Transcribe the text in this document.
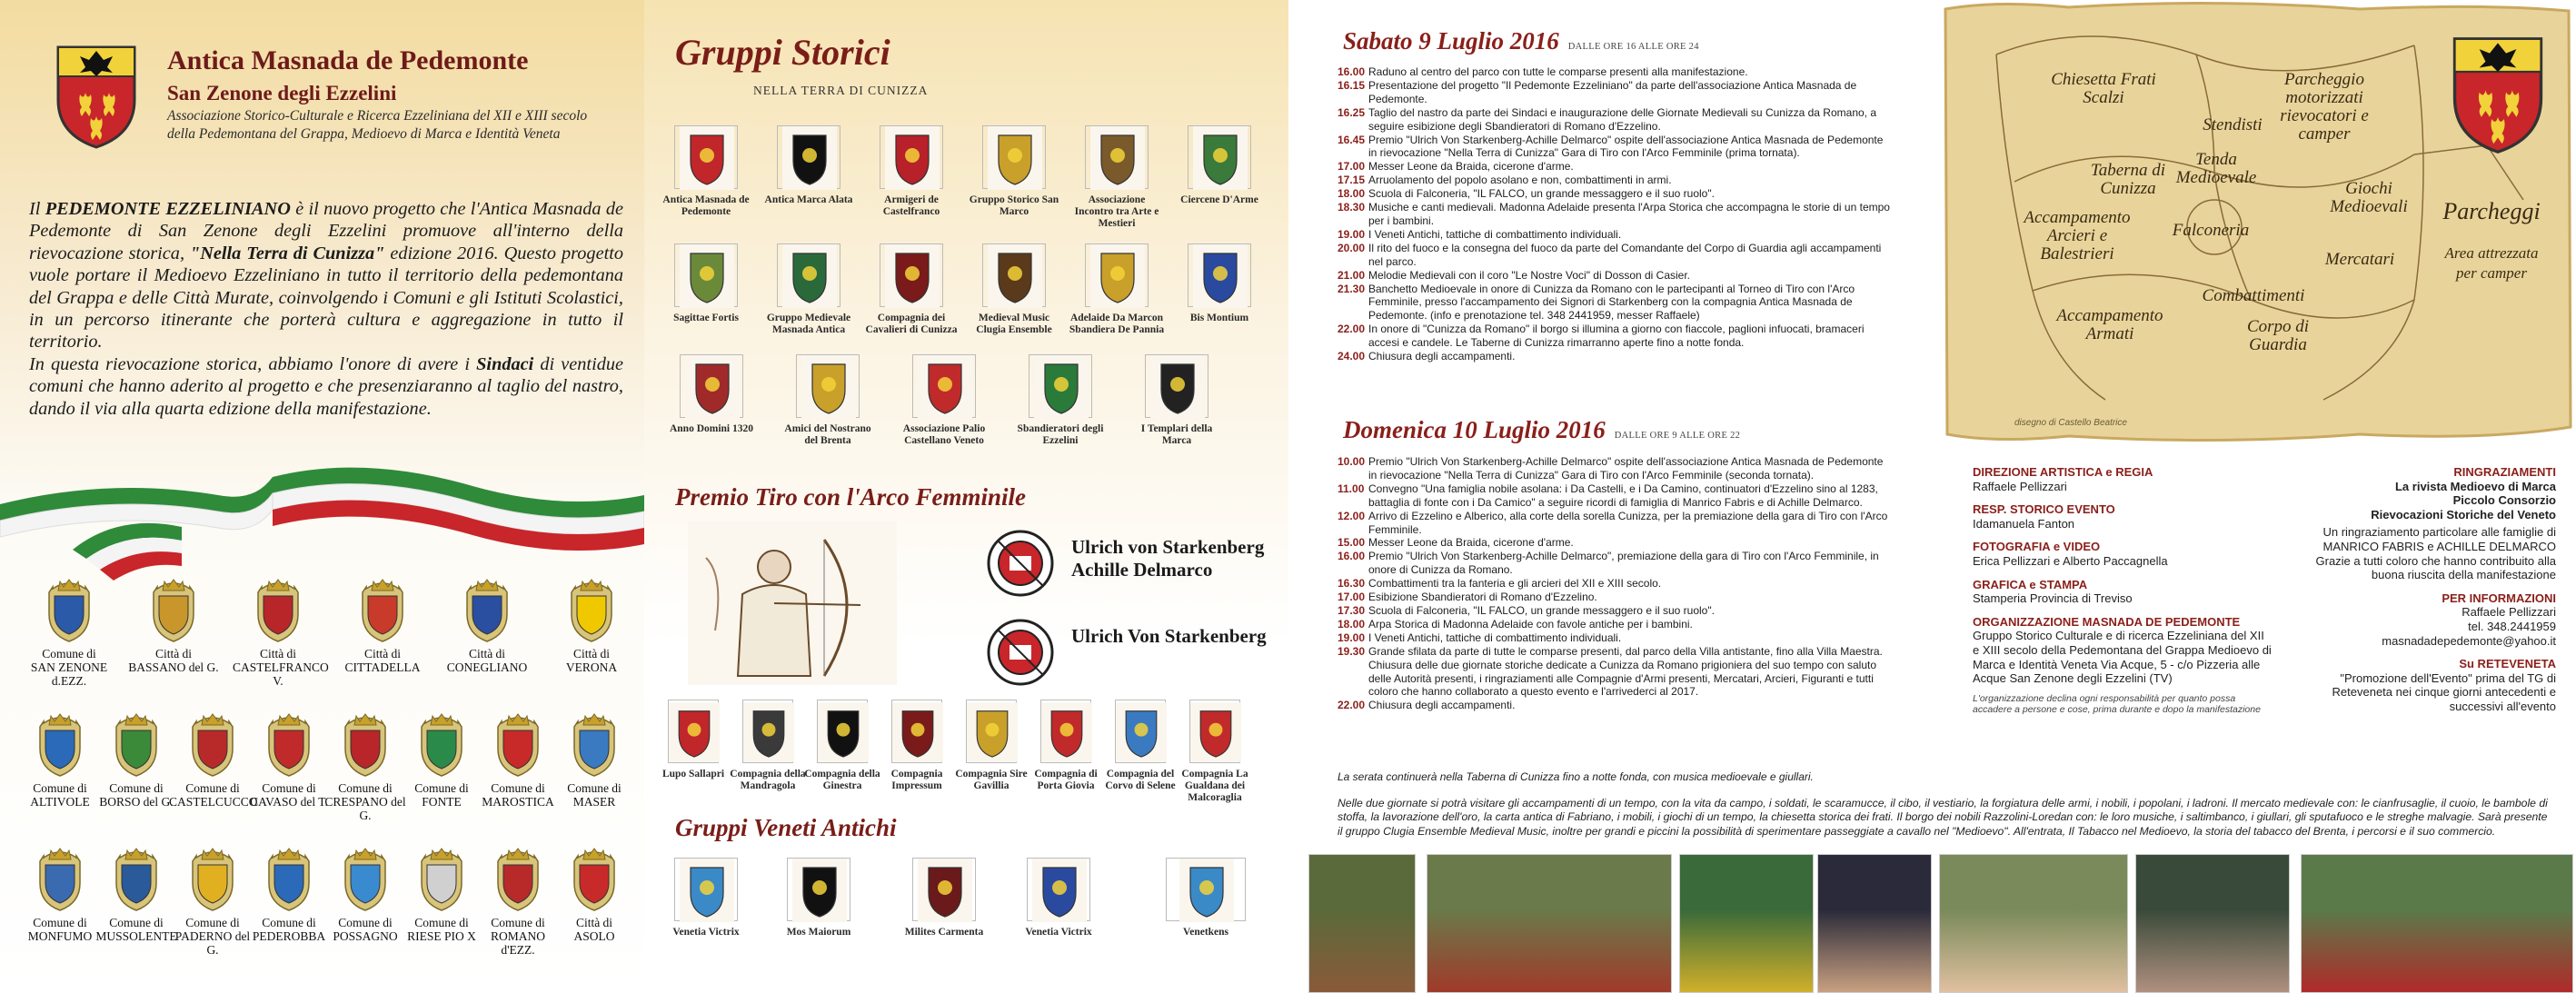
Antica Masnada de Pedemonte
San Zenone degli Ezzelini
Associazione Storico-Culturale e Ricerca Ezzeliniana del XII e XIII secolo della Pedemontana del Grappa, Medioevo di Marca e Identità Veneta

Il PEDEMONTE EZZELINIANO è il nuovo progetto che l'Antica Masnada de Pedemonte di San Zenone degli Ezzelini promuove all'interno della rievocazione storica, "Nella Terra di Cunizza" edizione 2016. Questo progetto vuole portare il Medioevo Ezzeliniano in tutto il territorio della pedemontana del Grappa e delle Città Murate, coinvolgendo i Comuni e gli Istituti Scolastici, in un percorso itinerante che porterà cultura e aggregazione in tutto il territorio.

In questa rievocazione storica, abbiamo l'onore di avere i Sindaci di ventidue comuni che hanno aderito al progetto e che presenziaranno al taglio del nastro, dando il via alla quarta edizione della manifestazione.

Comune di
SAN ZENONE d.EZZ.
Città di
BASSANO del G.
Città di
CASTELFRANCO V.
Città di
CITTADELLA
Città di
CONEGLIANO
Città di
VERONA
Comune di
ALTIVOLE
Comune di
BORSO del G.
Comune di
CASTELCUCCO
Comune di
CAVASO del T.
Comune di
CRESPANO del G.
Comune di
FONTE
Comune di
MAROSTICA
Comune di
MASER
Comune di
MONFUMO
Comune di
MUSSOLENTE
Comune di
PADERNO del G.
Comune di
PEDEROBBA
Comune di
POSSAGNO
Comune di
RIESE PIO X
Comune di
ROMANO d'EZZ.
Città di
ASOLO
Gruppi Storici
NELLA TERRA DI CUNIZZA
Antica Masnada de Pedemonte
Antica Marca Alata	Armigeri de Castelfranco
Gruppo Storico San Marco
Associazione Incontro tra Arte e Mestieri
Ciercene D'Arme
Sagittae Fortis	Gruppo Medievale Masnada Antica
Compagnia dei Cavalieri di Cunizza
Medieval Music Clugia Ensemble
Adelaide Da Marcon Sbandiera De Pannia
Bis Montium
Anno Domini 1320	Amici del Nostrano del Brenta
Associazione Palio Castellano Veneto
Sbandieratori degli Ezzelini
I Templari della Marca
Premio Tiro con l'Arco Femminile
Ulrich von Starkenberg Achille Delmarco
Ulrich Von Starkenberg
Lupo Sallapri Compagnia della Mandragola
Compagnia della Ginestra
Compagnia Impressum
Compagnia Sire Gavillia
Compagnia di Porta Giovia
Compagnia del Corvo di Selene
Compagnia La Gualdana dei Malcoraglia
Gruppi Veneti Antichi
Venetia Victrix	Mos Maiorum	Milites Carmenta	Venetia Victrix	Venetkens
Sabato 9 Luglio 2016 DALLE ORE 16 ALLE ORE 24
16.00 Raduno al centro del parco con tutte le comparse presenti alla manifestazione.
16.15 Presentazione del progetto "Il Pedemonte Ezzeliniano" da parte dell'associazione Antica Masnada de Pedemonte.
16.25 Taglio del nastro da parte dei Sindaci e inaugurazione delle Giornate Medievali su Cunizza da Romano, a seguire esibizione degli Sbandieratori di Romano d'Ezzelino.
16.45 Premio "Ulrich Von Starkenberg-Achille Delmarco" ospite dell'associazione Antica Masnada de Pedemonte in rievocazione "Nella Terra di Cunizza" Gara di Tiro con l'Arco Femminile (prima tornata).
17.00 Messer Leone da Braida, cicerone d'arme.
17.15 Arruolamento del popolo asolano e non, combattimenti in armi.
18.00 Scuola di Falconeria, "IL FALCO, un grande messaggero e il suo ruolo".
18.30 Musiche e canti medievali. Madonna Adelaide presenta l'Arpa Storica che accompagna le storie di un tempo per i bambini.
19.00 I Veneti Antichi, tattiche di combattimento individuali.
20.00 Il rito del fuoco e la consegna del fuoco da parte del Comandante del Corpo di Guardia agli accampamenti nel parco.
21.00 Melodie Medievali con il coro "Le Nostre Voci" di Dosson di Casier.
21.30 Banchetto Medioevale in onore di Cunizza da Romano con le partecipanti al Torneo di Tiro con l'Arco Femminile, presso l'accampamento dei Signori di Starkenberg con la compagnia Antica Masnada de Pedemonte. (info e prenotazione tel. 348 2441959, messer Raffaele)
22.00 In onore di "Cunizza da Romano" il borgo si illumina a giorno con fiaccole, paglioni infuocati, bramaceri accesi e candele. Le Taberne di Cunizza rimarranno aperte fino a notte fonda.
24.00 Chiusura degli accampamenti.
Domenica 10 Luglio 2016 DALLE ORE 9 ALLE ORE 22
10.00 Premio "Ulrich Von Starkenberg-Achille Delmarco" ospite dell'associazione Antica Masnada de Pedemonte in rievocazione "Nella Terra di Cunizza" Gara di Tiro con l'Arco Femminile (seconda tornata).
11.00 Convegno "Una famiglia nobile asolana: i Da Castelli, e i Da Camino, continuatori d'Ezzelino sino al 1283, battaglia di fonte con i Da Camico" a seguire ricordi di famiglia di Manrico Fabris e di Achille Delmarco.
12.00 Arrivo di Ezzelino e Alberico, alla corte della sorella Cunizza, per la premiazione della gara di Tiro con l'Arco Femminile.
15.00 Messer Leone da Braida, cicerone d'arme.
16.00 Premio "Ulrich Von Starkenberg-Achille Delmarco", premiazione della gara di Tiro con l'Arco Femminile, in onore di Cunizza da Romano.
16.30 Combattimenti tra la fanteria e gli arcieri del XII e XIII secolo.
17.00 Esibizione Sbandieratori di Romano d'Ezzelino.
17.30 Scuola di Falconeria, "IL FALCO, un grande messaggero e il suo ruolo".
18.00 Arpa Storica di Madonna Adelaide con favole antiche per i bambini.
19.00 I Veneti Antichi, tattiche di combattimento individuali.
19.30 Grande sfilata da parte di tutte le comparse presenti, dal parco della Villa antistante, fino alla Villa Maestra. Chiusura delle due giornate storiche dedicate a Cunizza da Romano prigioniera del suo tempo con saluto delle Autorità presenti, i ringraziamenti alle Compagnie d'Armi presenti, Mercatari, Arcieri, Figuranti e tutti coloro che hanno collaborato a questo evento e l'arrivederci al 2017.
22.00 Chiusura degli accampamenti.
La serata continuerà nella Taberna di Cunizza fino a notte fonda, con musica medioevale e giullari.
Chiesetta Frati Scalzi
Parcheggio motorizzati rievocatori e camper
Stendisti
Taberna di Cunizza
Tenda Medioevale
Giochi Medioevali
Accampamento Arcieri e Balestrieri
Falconeria
Mercatari
Combattimenti
Accampamento Armati	Corpo di Guardia
disegno di Castello Beatrice
Parcheggi
Area attrezzata per camper
DIREZIONE ARTISTICA e REGIA
Raffaele Pellizzari
RESP. STORICO EVENTO
Idamanuela Fanton
FOTOGRAFIA e VIDEO
Erica Pellizzari e Alberto Paccagnella
GRAFICA e STAMPA
Stamperia Provincia di Treviso
ORGANIZZAZIONE MASNADA DE PEDEMONTE
Gruppo Storico Culturale e di ricerca Ezzeliniana del XII e XIII secolo della Pedemontana del Grappa Medioevo di Marca e Identità Veneta Via Acque, 5 - c/o Pizzeria alle Acque San Zenone degli Ezzelini (TV)
L'organizzazione declina ogni responsabilità per quanto possa accadere a persone e cose, prima durante e dopo la manifestazione
RINGRAZIAMENTI
La rivista Medioevo di Marca
Piccolo Consorzio
Rievocazioni Storiche del Veneto
Un ringraziamento particolare alle famiglie di MANRICO FABRIS e ACHILLE DELMARCO Grazie a tutti coloro che hanno contribuito alla buona riuscita della manifestazione
PER INFORMAZIONI
Raffaele Pellizzari
tel. 348.2441959
masnadadepedemonte@yahoo.it
Su RETEVENETA
"Promozione dell'Evento" prima del TG di Reteveneta nei cinque giorni antecedenti e successivi all'evento
Nelle due giornate si potrà visitare gli accampamenti di un tempo, con la vita da campo, i soldati, le scaramucce, il cibo, il vestiario, la forgiatura delle armi, i nobili, i popolani, i ladroni. Il mercato medievale con: le cianfrusaglie, il cuoio, le bambole di stoffa, la lavorazione dell'oro, la carta antica di Fabriano, i mobili, i giochi di un tempo, la chiesetta storica dei frati. Il borgo dei nobili Razzolini-Loredan con: le loro musiche, i saltimbanco, i giullari, gli sputafuoco e le streghe malvagie. Sarà presente il gruppo Clugia Ensemble Medieval Music, inoltre per grandi e piccini la possibilità di sperimentare passeggiate a cavallo nel "Medioevo". All'entrata, Il Tabacco nel Medioevo, la storia del tabacco del Brenta, i percorsi e il suo commercio.
